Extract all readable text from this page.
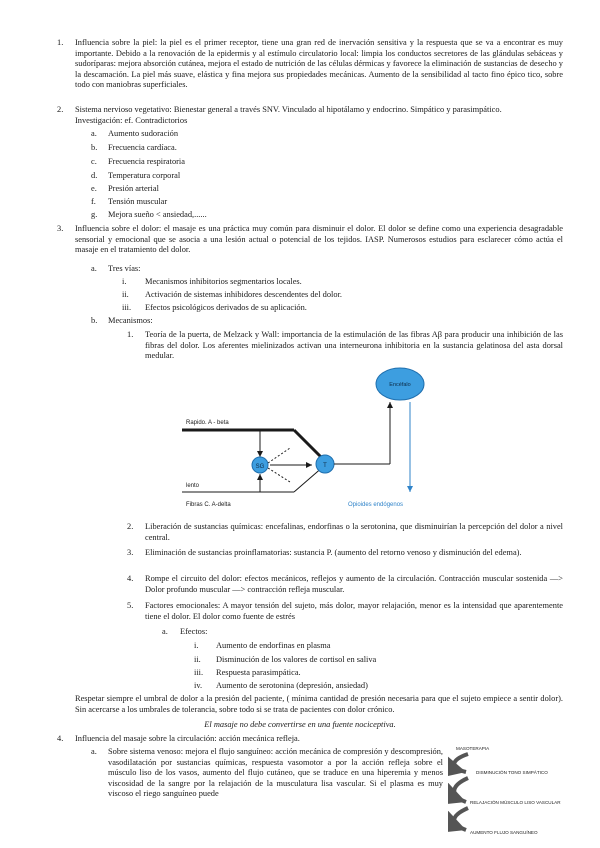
1. Influencia sobre la piel: la piel es el primer receptor, tiene una gran red de inervación sensitiva y la respuesta que se va a encontrar es muy importante. Debido a la renovación de la epidermis y al estímulo circulatorio local: limpia los conductos secretores de las glándulas sebáceas y sudoríparas: mejora absorción cutánea, mejora el estado de nutrición de las células dérmicas y favorece la eliminación de sustancias de desecho y la descamación. La piel más suave, elástica y fina mejora sus propiedades mecánicas. Aumento de la sensibilidad al tacto fino épico tico, sobre todo con maniobras superficiales.
2. Sistema nervioso vegetativo: Bienestar general a través SNV. Vinculado al hipotálamo y endocrino. Simpático y parasimpático.
Investigación: ef. Contradictorios
a. Aumento sudoración
b. Frecuencia cardíaca.
c. Frecuencia respiratoria
d. Temperatura corporal
e. Presión arterial
f. Tensión muscular
g. Mejora sueño < ansiedad,......
3. Influencia sobre el dolor: el masaje es una práctica muy común para disminuir el dolor. El dolor se define como una experiencia desagradable sensorial y emocional que se asocia a una lesión actual o potencial de los tejidos. IASP. Numerosos estudios para esclarecer cómo actúa el masaje en el tratamiento del dolor.
a. Tres vías:
i. Mecanismos inhibitorios segmentarios locales.
ii. Activación de sistemas inhibidores descendentes del dolor.
iii. Efectos psicológicos derivados de su aplicación.
b. Mecanismos:
1. Teoría de la puerta, de Melzack y Wall: importancia de la estimulación de las fibras Aβ para producir una inhibición de las fibras del dolor. Los aferentes mielinizados activan una interneurona inhibitoria en la sustancia gelatinosa del asta dorsal medular.
SG	T
Encéfalo
Rapido. A - beta
lento
Fibras C. A-delta	Opioides endógenos
2. Liberación de sustancias químicas: encefalinas, endorfinas o la serotonina, que disminuirían la percepción del dolor a nivel central.
3. Eliminación de sustancias proinflamatorias: sustancia P. (aumento del retorno venoso y disminución del edema).
4. Rompe el circuito del dolor: efectos mecánicos, reflejos y aumento de la circulación. Contracción muscular sostenida —> Dolor profundo muscular —> contracción refleja muscular.
5. Factores emocionales: A mayor tensión del sujeto, más dolor, mayor relajación, menor es la intensidad que aparentemente tiene el dolor. El dolor como fuente de estrés
a. Efectos:
i. Aumento de endorfinas en plasma
ii. Disminución de los valores de cortisol en saliva
iii. Respuesta parasimpática.
iv. Aumento de serotonina (depresión, ansiedad)
Respetar siempre el umbral de dolor a la presión del paciente, ( mínima cantidad de presión necesaria para que el sujeto empiece a sentir dolor). Sin acercarse a los umbrales de tolerancia, sobre todo si se trata de pacientes con dolor crónico.
El masaje no debe convertirse en una fuente nociceptiva.
4. Influencia del masaje sobre la circulación: acción mecánica refleja.
a. Sobre sistema venoso: mejora el flujo sanguíneo: acción mecánica de compresión y descompresión, vasodilatación por sustancias químicas, respuesta vasomotor a por la acción refleja sobre el músculo liso de los vasos, aumento del flujo cutáneo, que se traduce en una hiperemia y menos viscosidad de la sangre por la relajación de la musculatura lisa vascular. Si el plasma es muy viscoso el riego sanguíneo puede
MASOTERAPIA
DISMINUCIÓN TONO SIMPÁTICO
RELAJACIÓN MÚSCULO LISO VASCULAR
AUMENTO FLUJO SANGUÍNEO
